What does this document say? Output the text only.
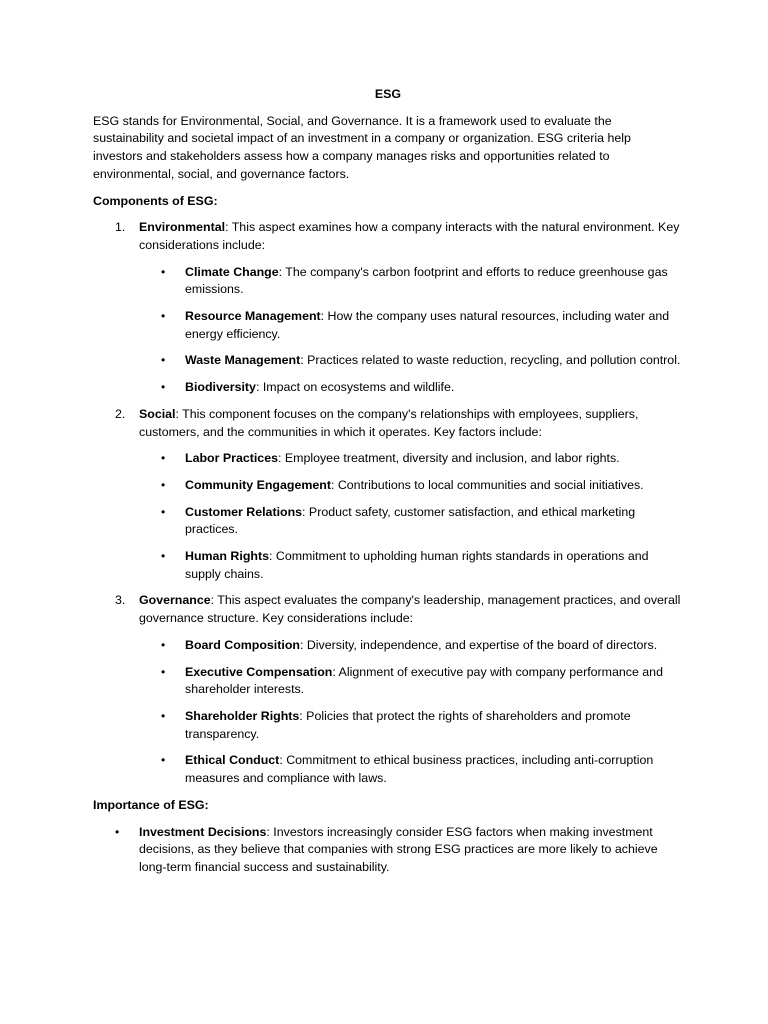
ESG

ESG stands for Environmental, Social, and Governance. It is a framework used to evaluate the sustainability and societal impact of an investment in a company or organization. ESG criteria help investors and stakeholders assess how a company manages risks and opportunities related to environmental, social, and governance factors.

Components of ESG:
1. Environmental: This aspect examines how a company interacts with the natural environment. Key considerations include:
• Climate Change: The company's carbon footprint and efforts to reduce greenhouse gas emissions.
• Resource Management: How the company uses natural resources, including water and energy efficiency.
• Waste Management: Practices related to waste reduction, recycling, and pollution control.
• Biodiversity: Impact on ecosystems and wildlife.
2. Social: This component focuses on the company's relationships with employees, suppliers, customers, and the communities in which it operates. Key factors include:
• Labor Practices: Employee treatment, diversity and inclusion, and labor rights.
• Community Engagement: Contributions to local communities and social initiatives.
• Customer Relations: Product safety, customer satisfaction, and ethical marketing practices.
• Human Rights: Commitment to upholding human rights standards in operations and supply chains.
3. Governance: This aspect evaluates the company's leadership, management practices, and overall governance structure. Key considerations include:
• Board Composition: Diversity, independence, and expertise of the board of directors.
• Executive Compensation: Alignment of executive pay with company performance and shareholder interests.
• Shareholder Rights: Policies that protect the rights of shareholders and promote transparency.
• Ethical Conduct: Commitment to ethical business practices, including anti-corruption measures and compliance with laws.
Importance of ESG:
• Investment Decisions: Investors increasingly consider ESG factors when making investment decisions, as they believe that companies with strong ESG practices are more likely to achieve long-term financial success and sustainability.
